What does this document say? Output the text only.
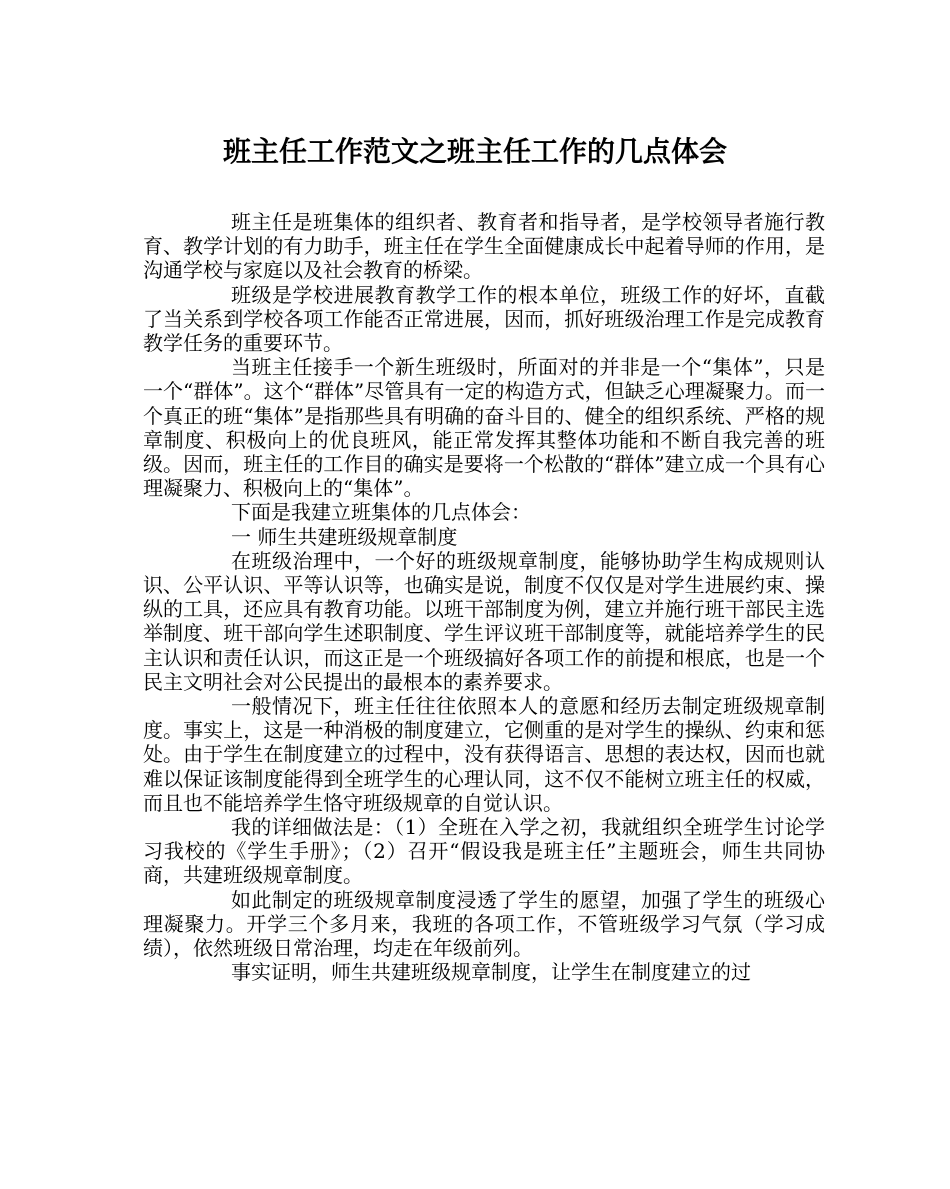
班主任工作范文之班主任工作的几点体会

班主任是班集体的组织者、教育者和指导者，是学校领导者施行教育、教学计划的有力助手，班主任在学生全面健康成长中起着导师的作用，是沟通学校与家庭以及社会教育的桥梁。

班级是学校进展教育教学工作的根本单位，班级工作的好坏，直截了当关系到学校各项工作能否正常进展，因而，抓好班级治理工作是完成教育教学任务的重要环节。

当班主任接手一个新生班级时，所面对的并非是一个“集体”，只是一个“群体”。这个“群体”尽管具有一定的构造方式，但缺乏心理凝聚力。而一个真正的班“集体”是指那些具有明确的奋斗目的、健全的组织系统、严格的规章制度、积极向上的优良班风，能正常发挥其整体功能和不断自我完善的班级。因而，班主任的工作目的确实是要将一个松散的“群体”建立成一个具有心理凝聚力、积极向上的“集体”。

下面是我建立班集体的几点体会：

一 师生共建班级规章制度

在班级治理中，一个好的班级规章制度，能够协助学生构成规则认识、公平认识、平等认识等，也确实是说，制度不仅仅是对学生进展约束、操纵的工具，还应具有教育功能。以班干部制度为例，建立并施行班干部民主选举制度、班干部向学生述职制度、学生评议班干部制度等，就能培养学生的民主认识和责任认识，而这正是一个班级搞好各项工作的前提和根底，也是一个民主文明社会对公民提出的最根本的素养要求。

一般情况下，班主任往往依照本人的意愿和经历去制定班级规章制度。事实上，这是一种消极的制度建立，它侧重的是对学生的操纵、约束和惩处。由于学生在制度建立的过程中，没有获得语言、思想的表达权，因而也就难以保证该制度能得到全班学生的心理认同，这不仅不能树立班主任的权威，而且也不能培养学生恪守班级规章的自觉认识。

我的详细做法是：（1）全班在入学之初，我就组织全班学生讨论学习我校的《学生手册》；（2）召开“假设我是班主任”主题班会，师生共同协商，共建班级规章制度。

如此制定的班级规章制度浸透了学生的愿望，加强了学生的班级心理凝聚力。开学三个多月来，我班的各项工作，不管班级学习气氛（学习成绩），依然班级日常治理，均走在年级前列。

事实证明，师生共建班级规章制度，让学生在制度建立的过
